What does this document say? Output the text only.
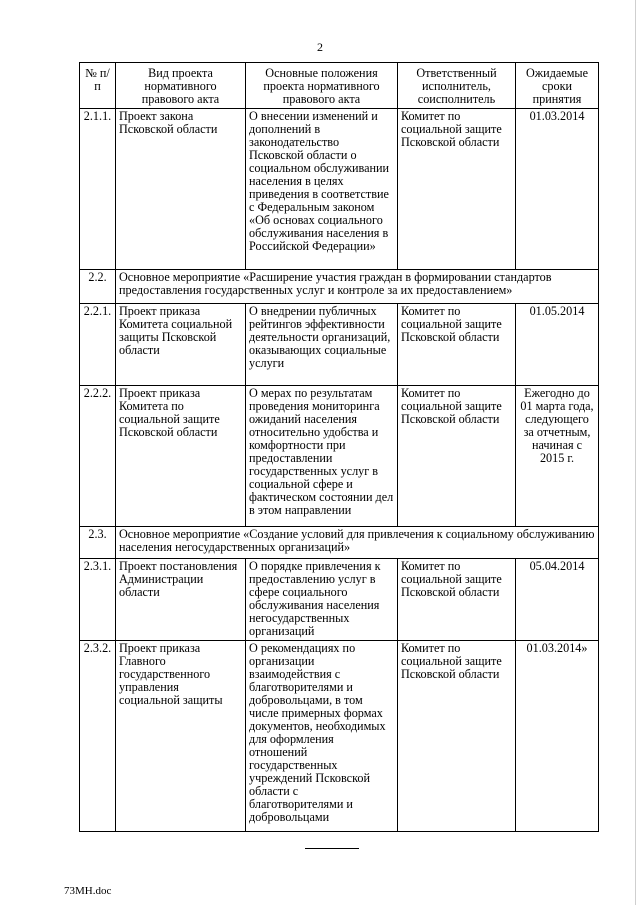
2
№ п/п	Вид проекта нормативного правового акта	Основные положения проекта нормативного правового акта	Ответственный исполнитель, соисполнитель	Ожидаемые сроки принятия
2.1.1.	Проект закона Псковской области	О внесении изменений и дополнений в законодательство Псковской области о социальном обслуживании населения в целях приведения в соответствие с Федеральным законом «Об основах социального обслуживания населения в Российской Федерации»	Комитет по социальной защите Псковской области	01.03.2014
2.2.	Основное мероприятие «Расширение участия граждан в формировании стандартов предоставления государственных услуг и контроле за их предоставлением»			
2.2.1.	Проект приказа Комитета социальной защиты Псковской области	О внедрении публичных рейтингов эффективности деятельности организаций, оказывающих социальные услуги	Комитет по социальной защите Псковской области	01.05.2014
2.2.2.	Проект приказа Комитета по социальной защите Псковской области	О мерах по результатам проведения мониторинга ожиданий населения относительно удобства и комфортности при предоставлении государственных услуг в социальной сфере и фактическом состоянии дел в этом направлении	Комитет по социальной защите Псковской области	Ежегодно до 01 марта года, следующего за отчетным, начиная с 2015 г.
2.3.	Основное мероприятие «Создание условий для привлечения к социальному обслуживанию населения негосударственных организаций»			
2.3.1.	Проект постановления Администрации области	О порядке привлечения к предоставлению услуг в сфере социального обслуживания населения негосударственных организаций	Комитет по социальной защите Псковской области	05.04.2014
2.3.2.	Проект приказа Главного государственного управления социальной защиты	О рекомендациях по организации взаимодействия с благотворителями и добровольцами, в том числе примерных формах документов, необходимых для оформления отношений государственных учреждений Псковской области с благотворителями и добровольцами	Комитет по социальной защите Псковской области	01.03.2014»
73МН.doc
